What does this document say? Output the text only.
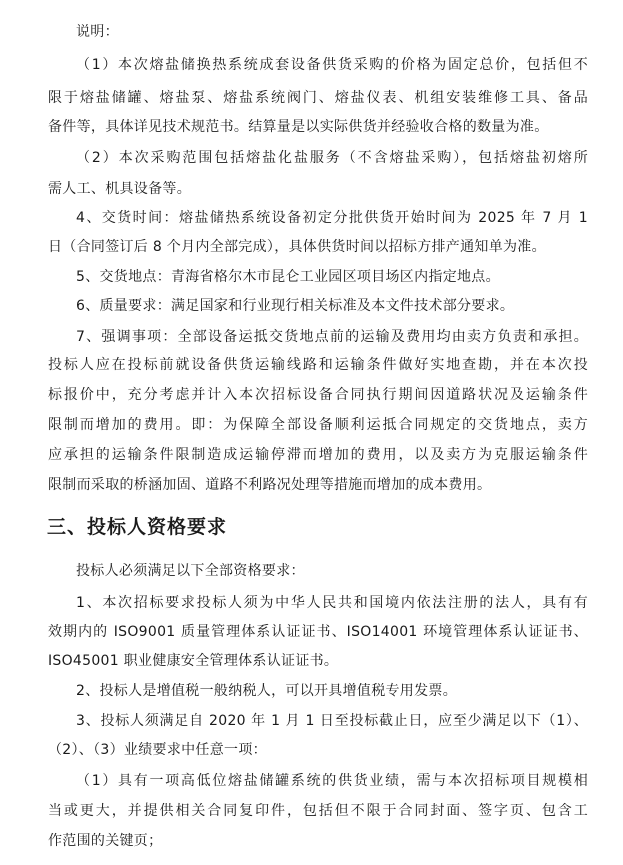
说明：
（1）本次熔盐储换热系统成套设备供货采购的价格为固定总价，包括但不
限于熔盐储罐、熔盐泵、熔盐系统阀门、熔盐仪表、机组安装维修工具、备品
备件等，具体详见技术规范书。结算量是以实际供货并经验收合格的数量为准。
（2）本次采购范围包括熔盐化盐服务（不含熔盐采购），包括熔盐初熔所
需人工、机具设备等。
4、交货时间：熔盐储热系统设备初定分批供货开始时间为 2025 年 7 月 1
日（合同签订后 8 个月内全部完成），具体供货时间以招标方排产通知单为准。
5、交货地点：青海省格尔木市昆仑工业园区项目场区内指定地点。
6、质量要求：满足国家和行业现行相关标准及本文件技术部分要求。
7、强调事项：全部设备运抵交货地点前的运输及费用均由卖方负责和承担。
投标人应在投标前就设备供货运输线路和运输条件做好实地查勘，并在本次投
标报价中，充分考虑并计入本次招标设备合同执行期间因道路状况及运输条件
限制而增加的费用。即：为保障全部设备顺利运抵合同规定的交货地点，卖方
应承担的运输条件限制造成运输停滞而增加的费用，以及卖方为克服运输条件
限制而采取的桥涵加固、道路不利路况处理等措施而增加的成本费用。
三、投标人资格要求
投标人必须满足以下全部资格要求：
1、本次招标要求投标人须为中华人民共和国境内依法注册的法人，具有有
效期内的 ISO9001 质量管理体系认证证书、ISO14001 环境管理体系认证证书、
ISO45001 职业健康安全管理体系认证证书。
2、投标人是增值税一般纳税人，可以开具增值税专用发票。
3、投标人须满足自 2020 年 1 月 1 日至投标截止日，应至少满足以下（1）、
（2）、（3）业绩要求中任意一项：
（1）具有一项高低位熔盐储罐系统的供货业绩，需与本次招标项目规模相
当或更大，并提供相关合同复印件，包括但不限于合同封面、签字页、包含工
作范围的关键页；
